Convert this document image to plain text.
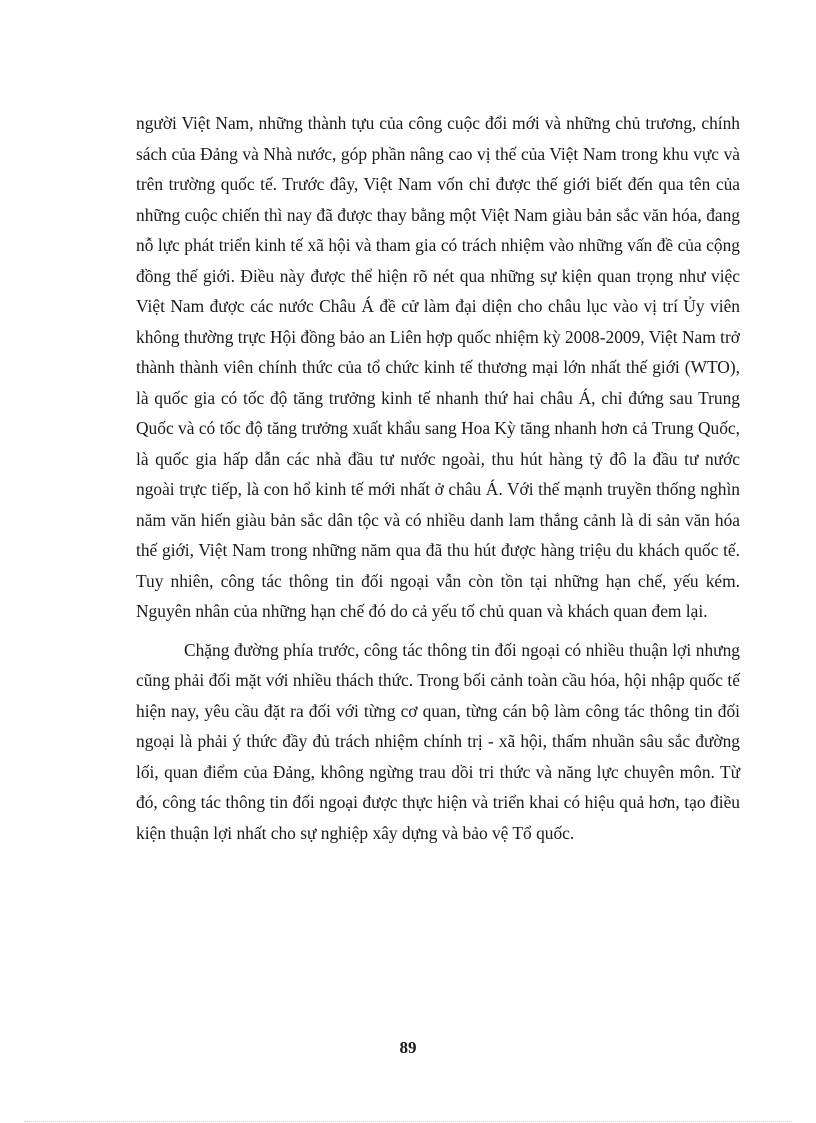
người Việt Nam, những thành tựu của công cuộc đổi mới và những chủ trương, chính sách của Đảng và Nhà nước, góp phần nâng cao vị thế của Việt Nam trong khu vực và trên trường quốc tế. Trước đây, Việt Nam vốn chỉ được thế giới biết đến qua tên của những cuộc chiến thì nay đã được thay bằng một Việt Nam giàu bản sắc văn hóa, đang nỗ lực phát triển kinh tế xã hội và tham gia có trách nhiệm vào những vấn đề của cộng đồng thế giới. Điều này được thể hiện rõ nét qua những sự kiện quan trọng như việc Việt Nam được các nước Châu Á đề cử làm đại diện cho châu lục vào vị trí Ủy viên không thường trực Hội đồng bảo an Liên hợp quốc nhiệm kỳ 2008-2009, Việt Nam trở thành thành viên chính thức của tổ chức kinh tế thương mại lớn nhất thế giới (WTO), là quốc gia có tốc độ tăng trưởng kinh tế nhanh thứ hai châu Á, chỉ đứng sau Trung Quốc và có tốc độ tăng trưởng xuất khẩu sang Hoa Kỳ tăng nhanh hơn cả Trung Quốc, là quốc gia hấp dẫn các nhà đầu tư nước ngoài, thu hút hàng tỷ đô la đầu tư nước ngoài trực tiếp, là con hổ kinh tế mới nhất ở châu Á. Với thế mạnh truyền thống nghìn năm văn hiến giàu bản sắc dân tộc và có nhiều danh lam thắng cảnh là di sản văn hóa thế giới, Việt Nam trong những năm qua đã thu hút được hàng triệu du khách quốc tế. Tuy nhiên, công tác thông tin đối ngoại vẫn còn tồn tại những hạn chế, yếu kém. Nguyên nhân của những hạn chế đó do cả yếu tố chủ quan và khách quan đem lại.

Chặng đường phía trước, công tác thông tin đối ngoại có nhiều thuận lợi nhưng cũng phải đối mặt với nhiều thách thức. Trong bối cảnh toàn cầu hóa, hội nhập quốc tế hiện nay, yêu cầu đặt ra đối với từng cơ quan, từng cán bộ làm công tác thông tin đối ngoại là phải ý thức đầy đủ trách nhiệm chính trị - xã hội, thấm nhuần sâu sắc đường lối, quan điểm của Đảng, không ngừng trau dồi tri thức và năng lực chuyên môn. Từ đó, công tác thông tin đối ngoại được thực hiện và triển khai có hiệu quả hơn, tạo điều kiện thuận lợi nhất cho sự nghiệp xây dựng và bảo vệ Tổ quốc.

89
